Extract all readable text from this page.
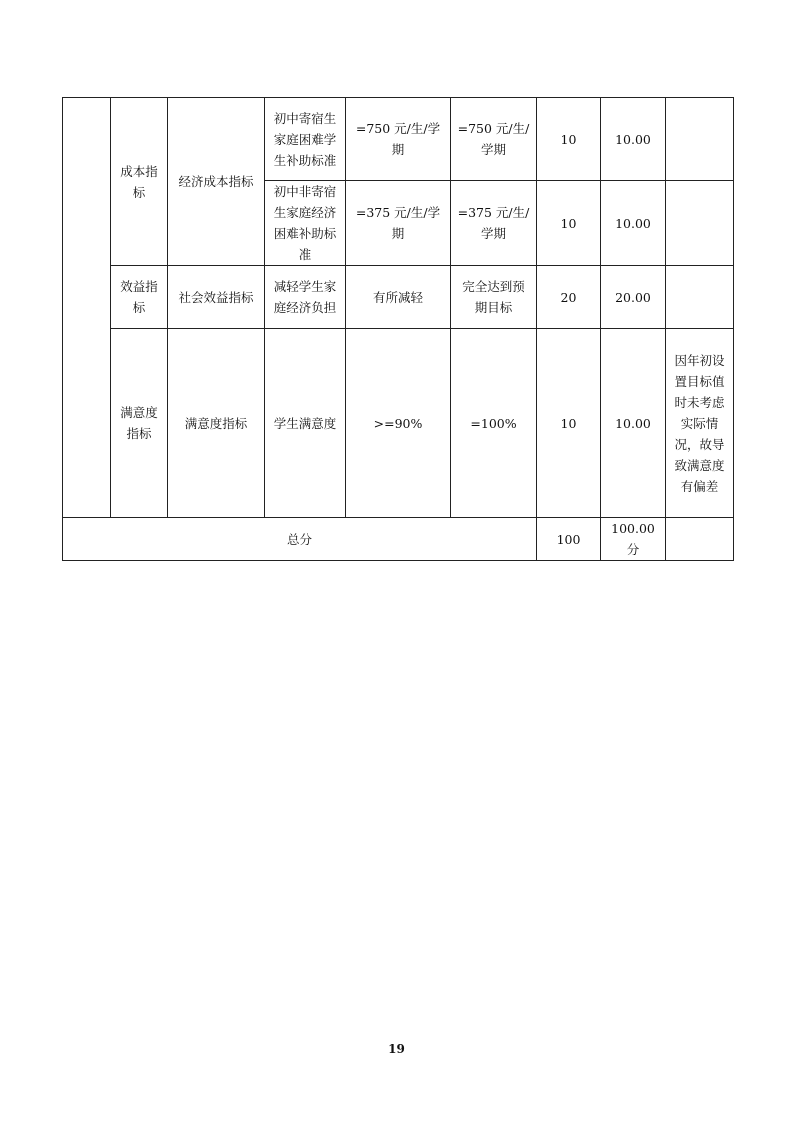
	成本指标	经济成本指标	初中寄宿生家庭困难学生补助标准	=750 元/生/学期	=750 元/生/学期	10	10.00	
			初中非寄宿生家庭经济困难补助标准	=375 元/生/学期	=375 元/生/学期	10	10.00	
	效益指标	社会效益指标	减轻学生家庭经济负担	有所减轻	完全达到预期目标	20	20.00	
	满意度指标	满意度指标	学生满意度	>=90%	=100%	10	10.00	因年初设置目标值时未考虑实际情况，故导致满意度有偏差
总分						100	100.00 分	
19
